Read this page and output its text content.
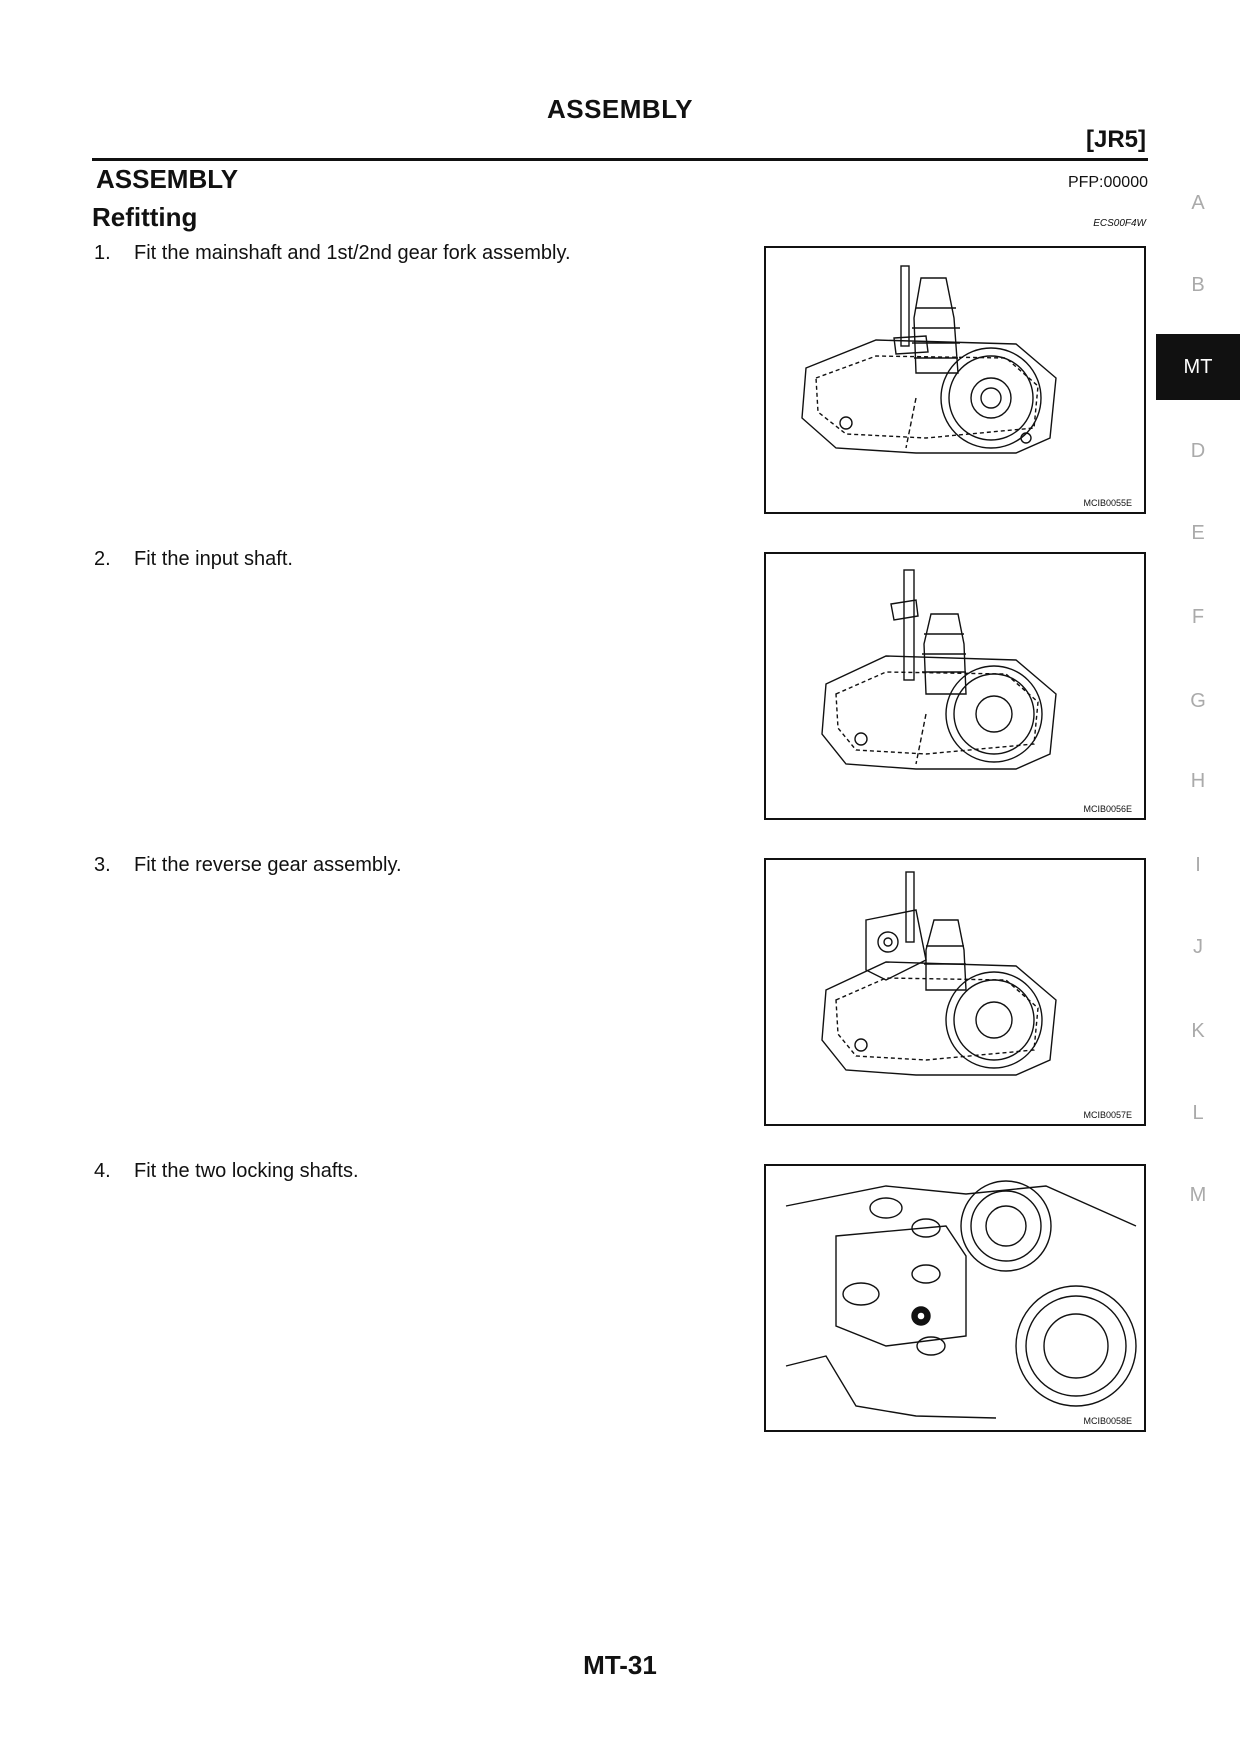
ASSEMBLY
[JR5]
ASSEMBLY	PFP:00000
Refitting	ECS00F4W
1. Fit the mainshaft and 1st/2nd gear fork assembly.
MCIB0055E
2. Fit the input shaft.
MCIB0056E
3. Fit the reverse gear assembly.
MCIB0057E
4. Fit the two locking shafts.
MCIB0058E
A
B
MT
D
E
F
G
H
I
J
K
L
M
MT-31
